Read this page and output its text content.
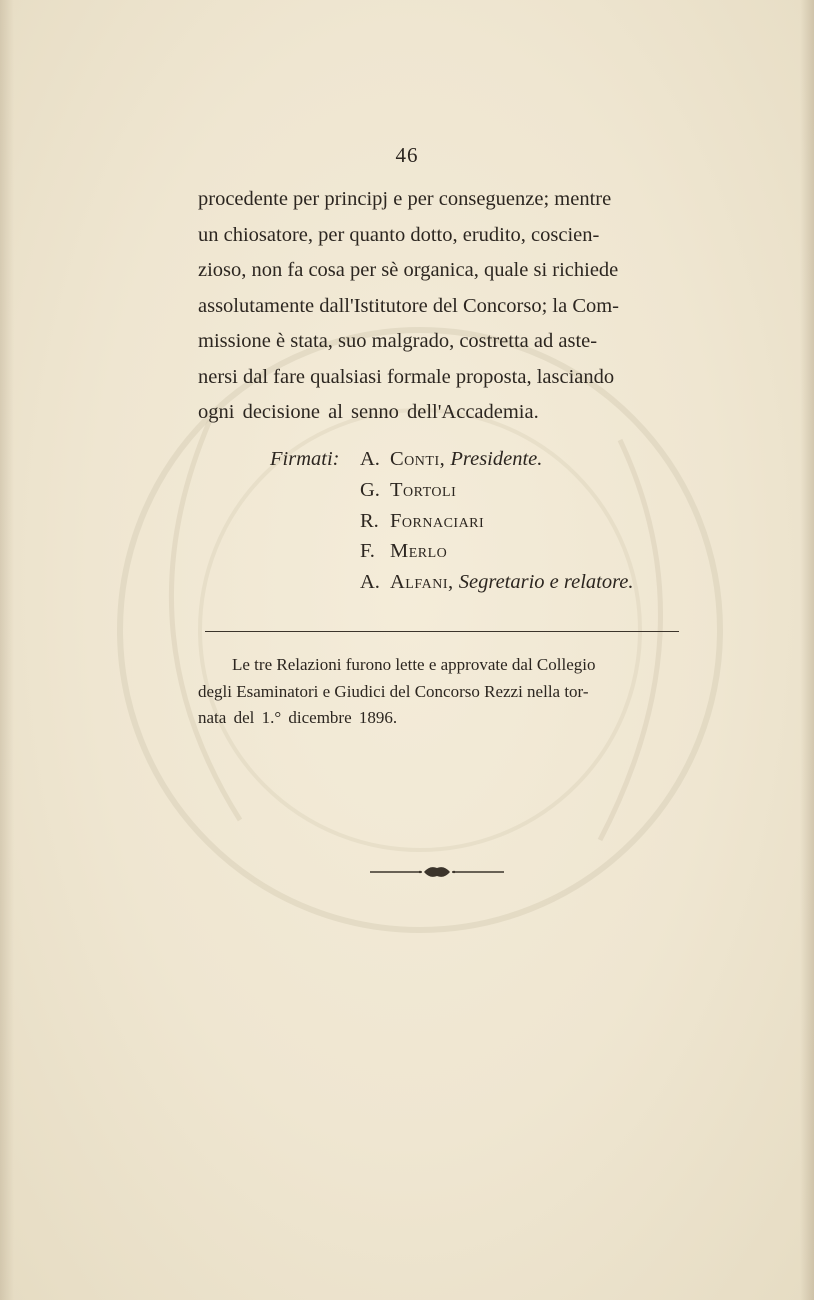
46
procedente per principj e per conseguenze; mentre
un chiosatore, per quanto dotto, erudito, coscien-
zioso, non fa cosa per sè organica, quale si richiede
assolutamente dall'Istitutore del Concorso; la Com-
missione è stata, suo malgrado, costretta ad aste-
nersi dal fare qualsiasi formale proposta, lasciando
ogni decisione al senno dell'Accademia.
Firmati:	A. Conti,
Presidente.
G. Tortoli
R. Fornaciari
F. Merlo
A. Alfani,
Segretario e relatore.
Le tre Relazioni furono lette e approvate dal Collegio
degli Esaminatori e Giudici del Concorso Rezzi nella tor-
nata del 1.° dicembre 1896.
